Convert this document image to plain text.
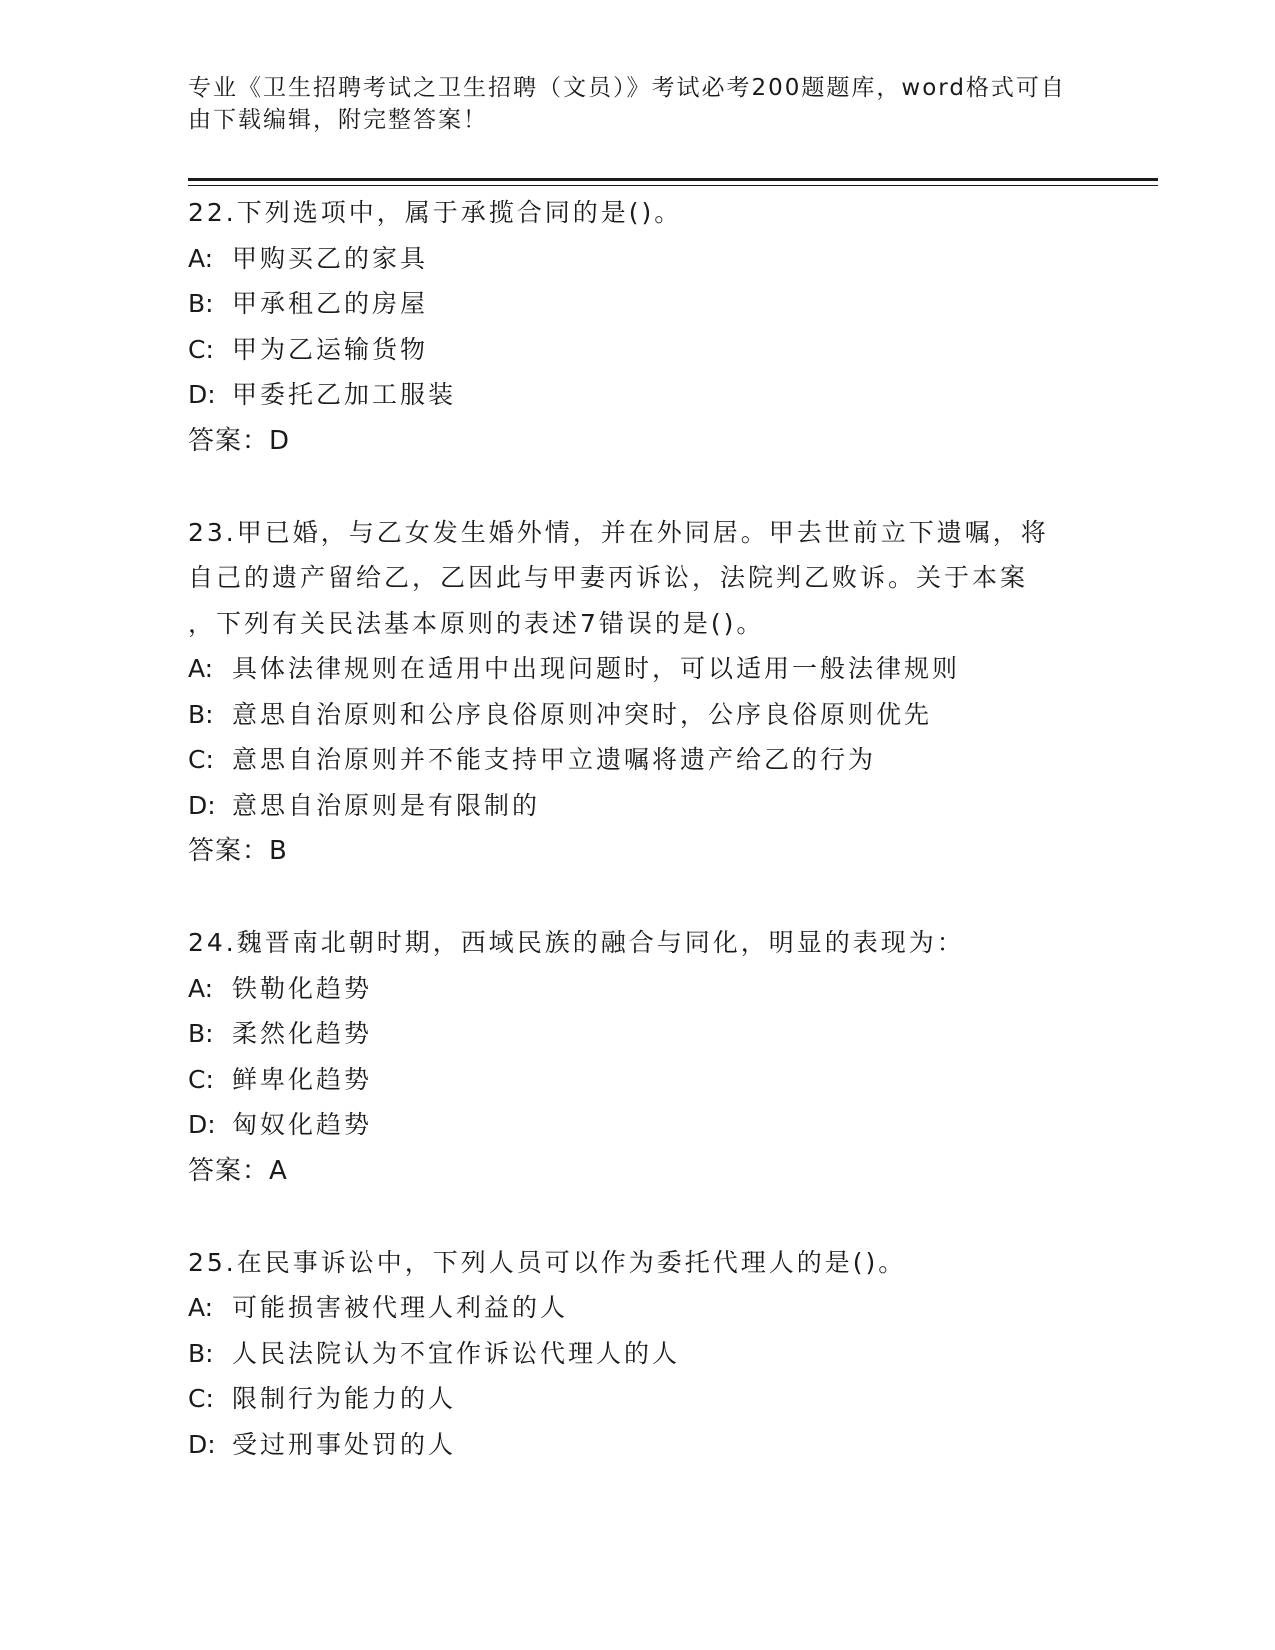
专业《卫生招聘考试之卫生招聘（文员）》考试必考200题题库，word格式可自
由下载编辑，附完整答案！
22.下列选项中，属于承揽合同的是()。
A: 甲购买乙的家具
B: 甲承租乙的房屋
C: 甲为乙运输货物
D: 甲委托乙加工服装
答案：D
23.甲已婚，与乙女发生婚外情，并在外同居。甲去世前立下遗嘱，将
自己的遗产留给乙，乙因此与甲妻丙诉讼，法院判乙败诉。关于本案
，下列有关民法基本原则的表述7错误的是()。
A: 具体法律规则在适用中出现问题时，可以适用一般法律规则
B: 意思自治原则和公序良俗原则冲突时，公序良俗原则优先
C: 意思自治原则并不能支持甲立遗嘱将遗产给乙的行为
D: 意思自治原则是有限制的
答案：B
24.魏晋南北朝时期，西域民族的融合与同化，明显的表现为：
A: 铁勒化趋势
B: 柔然化趋势
C: 鲜卑化趋势
D: 匈奴化趋势
答案：A
25.在民事诉讼中，下列人员可以作为委托代理人的是()。
A: 可能损害被代理人利益的人
B: 人民法院认为不宜作诉讼代理人的人
C: 限制行为能力的人
D: 受过刑事处罚的人
